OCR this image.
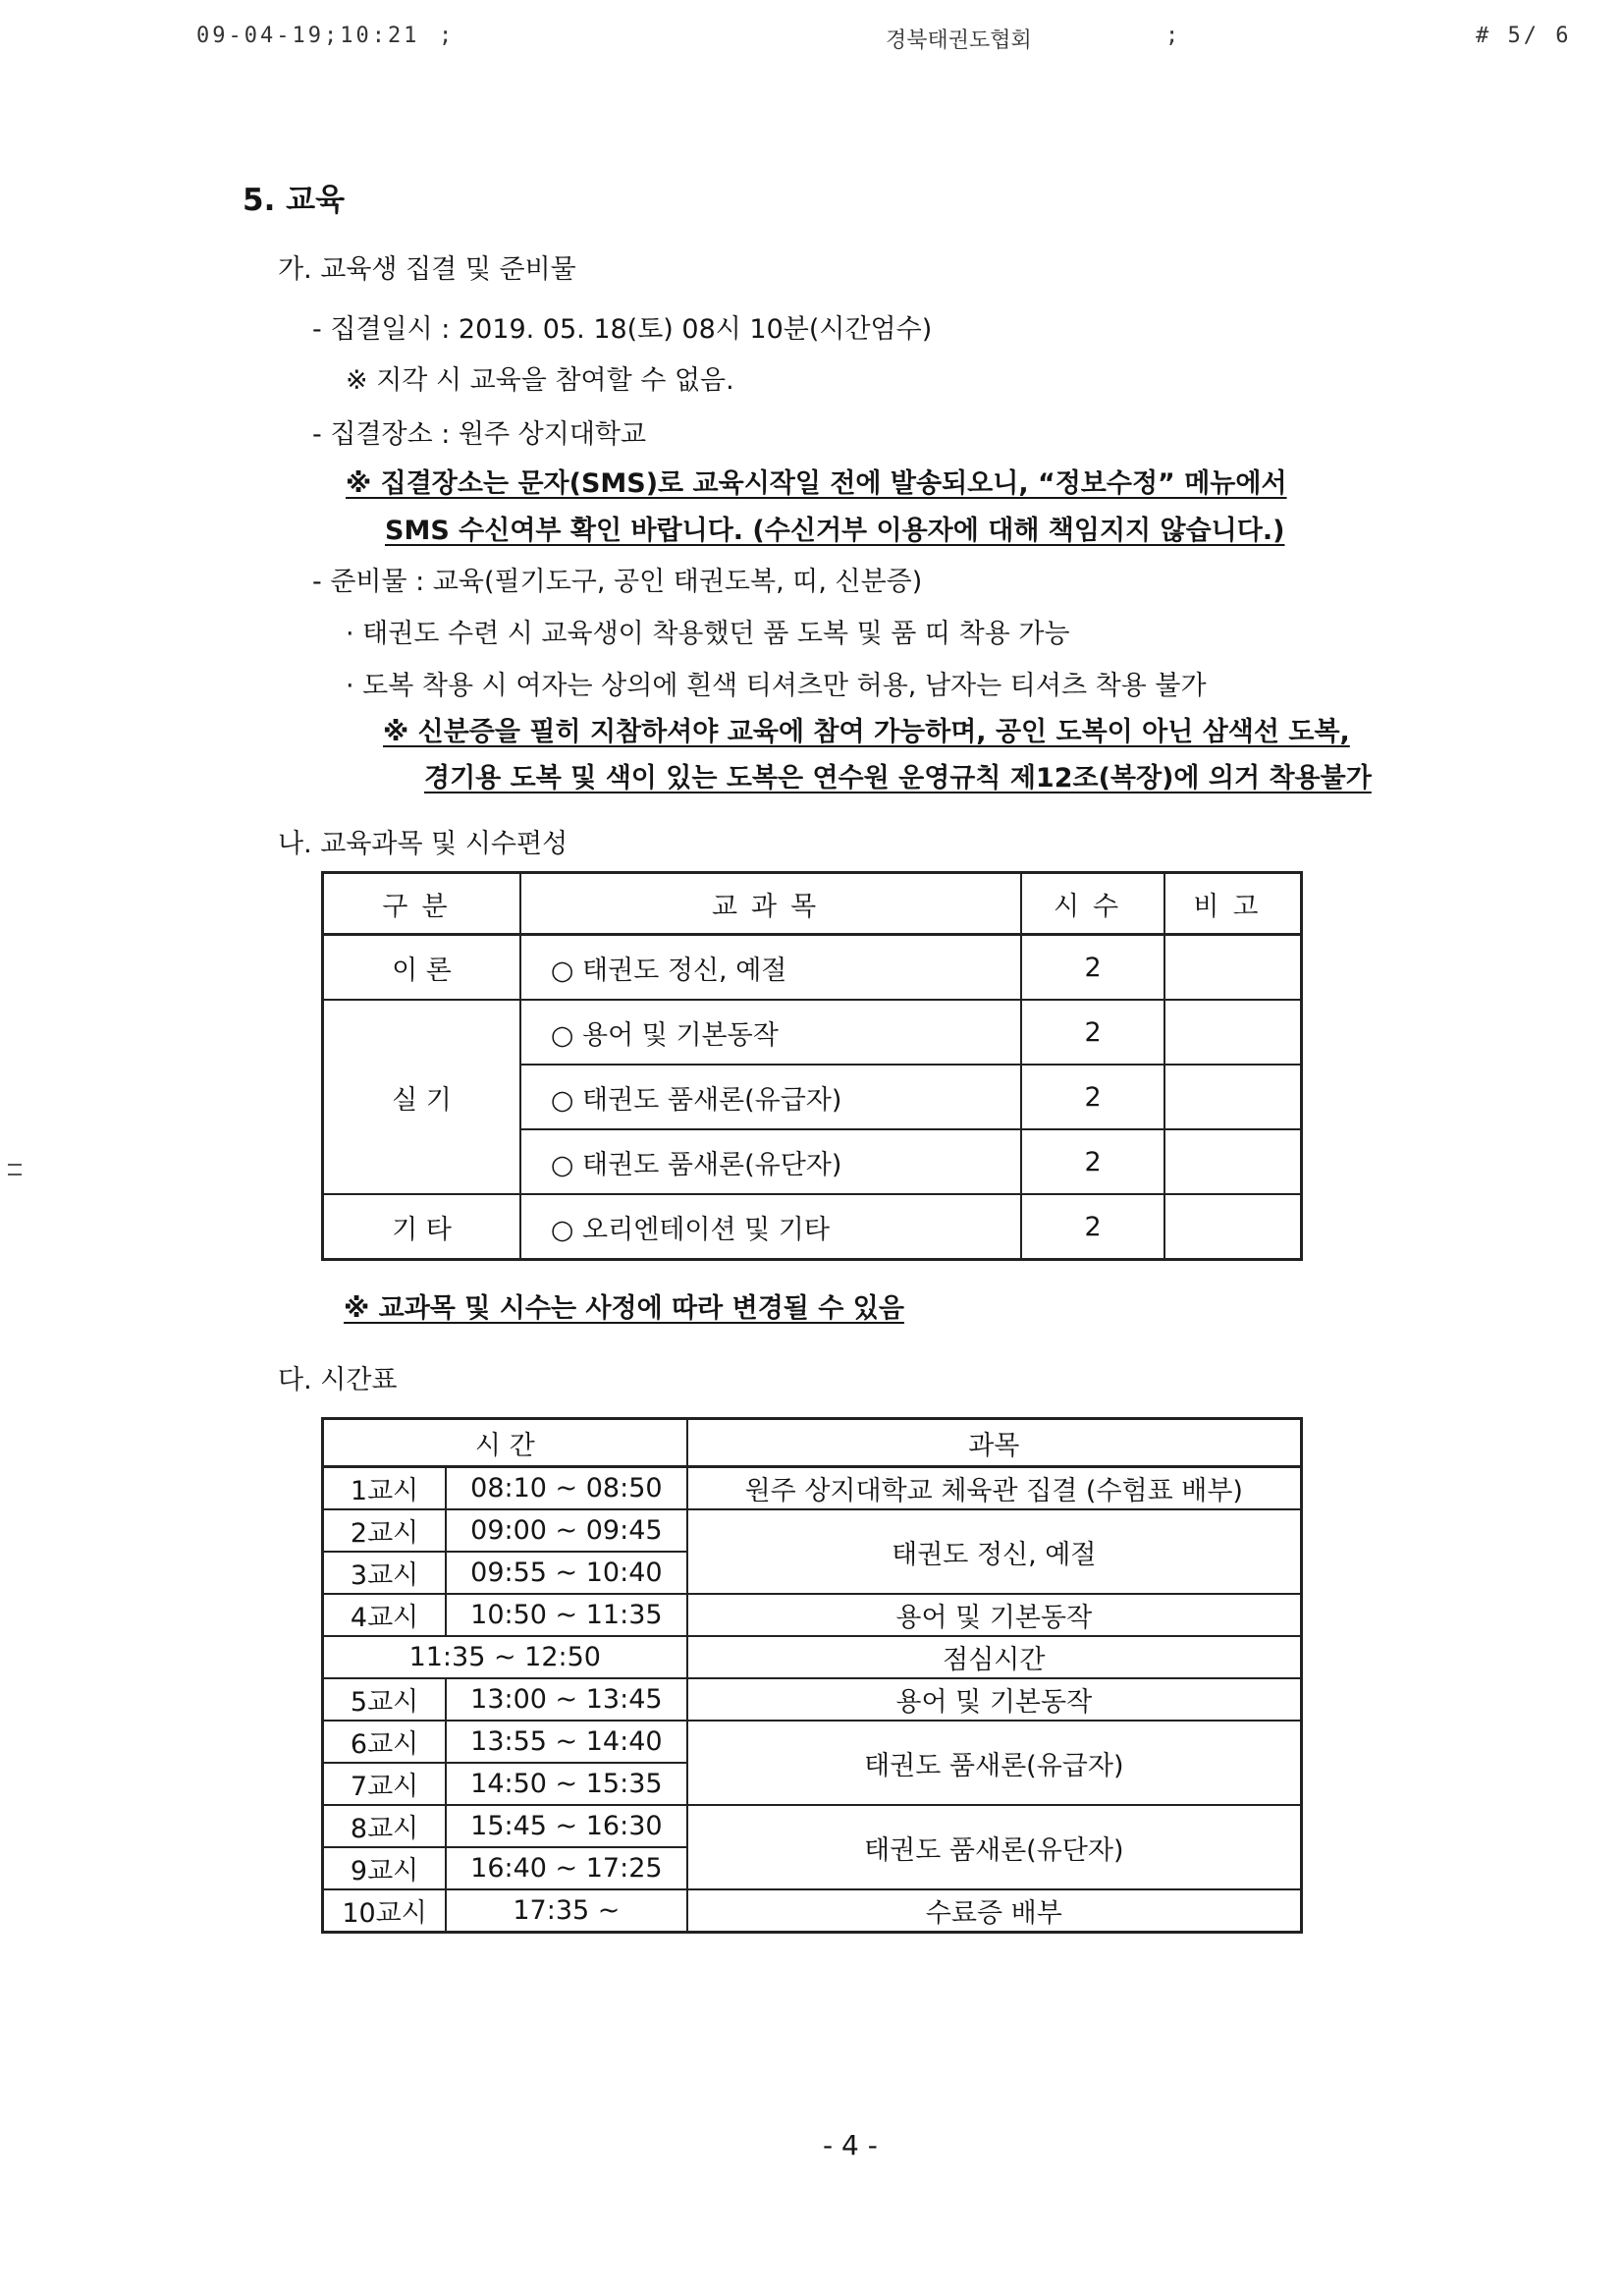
09-04-19;10:21 ;	경북태권도협회	;	# 5/ 6
5. 교육
가. 교육생 집결 및 준비물
- 집결일시 : 2019. 05. 18(토) 08시 10분(시간엄수)
※ 지각 시 교육을 참여할 수 없음.
- 집결장소 : 원주 상지대학교
※ 집결장소는 문자(SMS)로 교육시작일 전에 발송되오니, “정보수정” 메뉴에서
SMS 수신여부 확인 바랍니다. (수신거부 이용자에 대해 책임지지 않습니다.)
- 준비물 : 교육(필기도구, 공인 태권도복, 띠, 신분증)
· 태권도 수련 시 교육생이 착용했던 품 도복 및 품 띠 착용 가능
· 도복 착용 시 여자는 상의에 흰색 티셔츠만 허용, 남자는 티셔츠 착용 불가
※ 신분증을 필히 지참하셔야 교육에 참여 가능하며, 공인 도복이 아닌 삼색선 도복,
경기용 도복 및 색이 있는 도복은 연수원 운영규칙 제12조(복장)에 의거 착용불가
나. 교육과목 및 시수편성
구분	교과목	시수	비고
이 론	○ 태권도 정신, 예절	2	
실 기	○ 용어 및 기본동작	2	
	○ 태권도 품새론(유급자)	2	
	○ 태권도 품새론(유단자)	2	
기 타	○ 오리엔테이션 및 기타	2	
※ 교과목 및 시수는 사정에 따라 변경될 수 있음
다. 시간표
시 간		과목
1교시	08:10 ~ 08:50	원주 상지대학교 체육관 집결 (수험표 배부)
2교시	09:00 ~ 09:45	태권도 정신, 예절
3교시	09:55 ~ 10:40	
4교시	10:50 ~ 11:35	용어 및 기본동작
11:35 ~ 12:50		점심시간
5교시	13:00 ~ 13:45	용어 및 기본동작
6교시	13:55 ~ 14:40	태권도 품새론(유급자)
7교시	14:50 ~ 15:35	
8교시	15:45 ~ 16:30	태권도 품새론(유단자)
9교시	16:40 ~ 17:25	
10교시	17:35 ~	수료증 배부
- 4 -
